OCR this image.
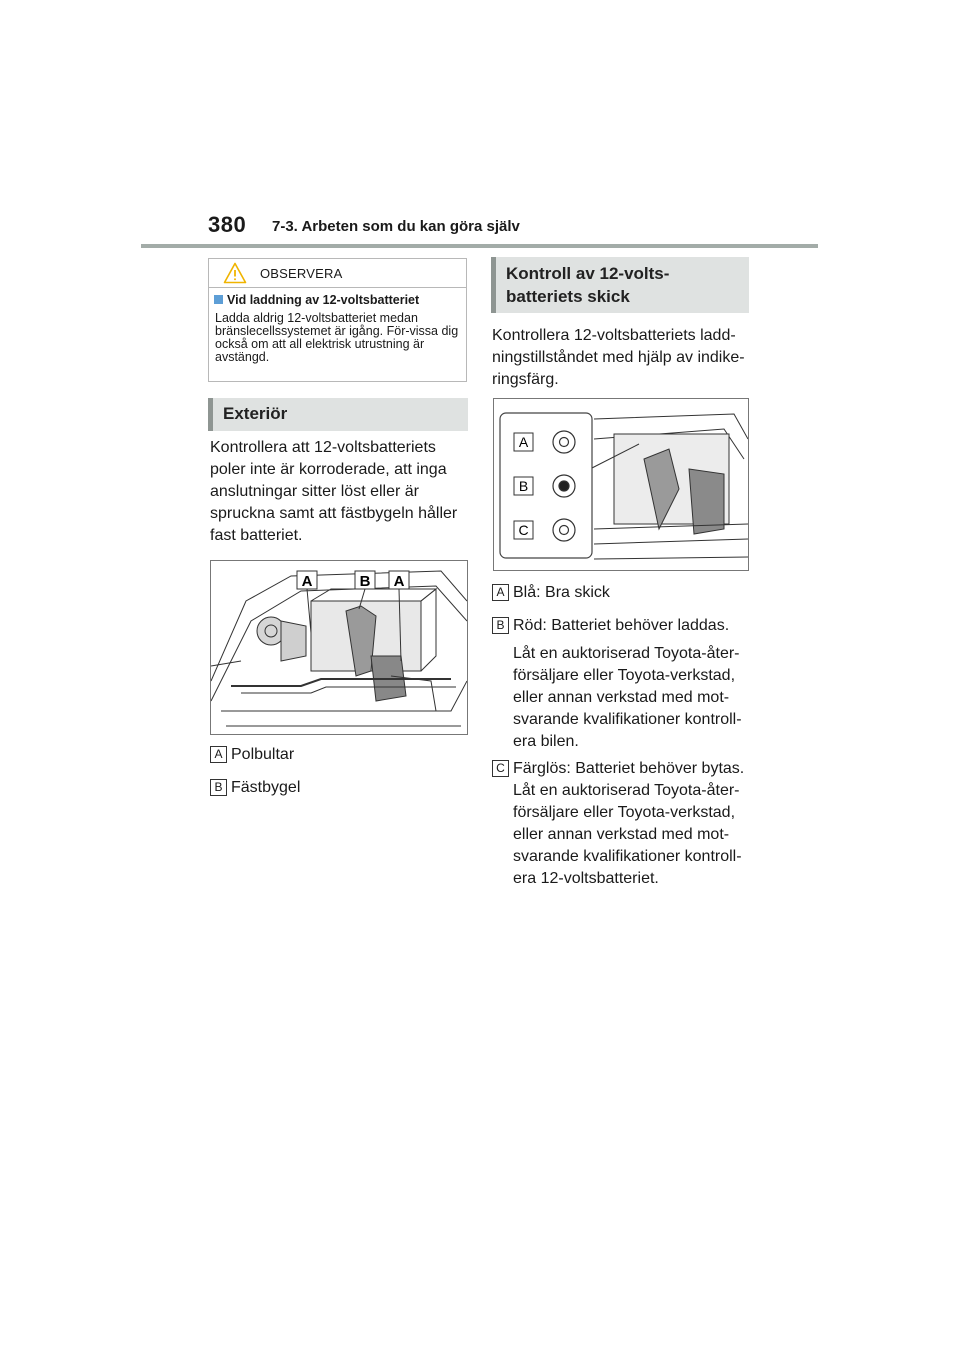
380 7-3. Arbeten som du kan göra själv
OBSERVERA
Vid laddning av 12-voltsbatteriet
Ladda aldrig 12-voltsbatteriet medan bränslecellssystemet är igång. För-vissa dig också om att all elektrisk utrustning är avstängd.
Exteriör
Kontrollera att 12-voltsbatteriets poler inte är korroderade, att inga anslutningar sitter löst eller är spruckna samt att fästbygeln håller fast batteriet.
A	B A
A Polbultar
B Fästbygel
Kontroll av 12-volts-
batteriets skick
Kontrollera 12-voltsbatteriets ladd-ningstillståndet med hjälp av indike-ringsfärg.
A
B
C
A Blå: Bra skick
B Röd: Batteriet behöver laddas.
Låt en auktoriserad Toyota-åter-försäljare eller Toyota-verkstad, eller annan verkstad med mot-svarande kvalifikationer kontroll-era bilen.
C Färglös: Batteriet behöver bytas.
Låt en auktoriserad Toyota-åter-försäljare eller Toyota-verkstad, eller annan verkstad med mot-svarande kvalifikationer kontroll-era 12-voltsbatteriet.
